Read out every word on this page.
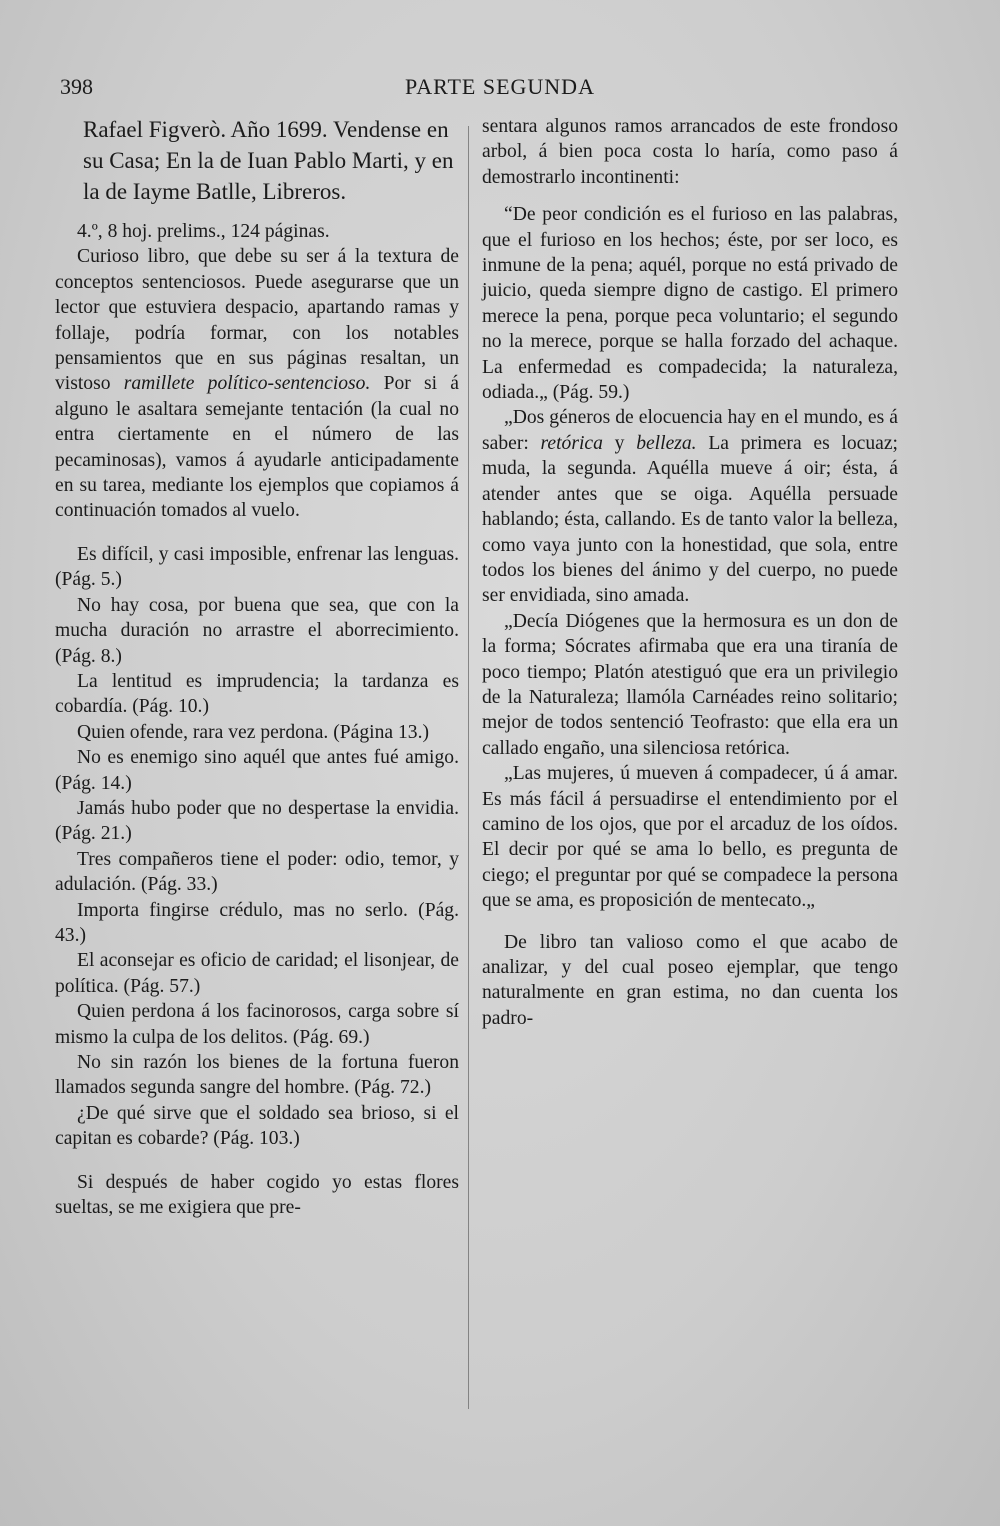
398	PARTE SEGUNDA

Rafael Figverò. Año 1699. Vendense en su Casa; En la de Iuan Pablo Marti, y en la de Iayme Batlle, Libreros.

4.º, 8 hoj. prelims., 124 páginas.

Curioso libro, que debe su ser á la textura de conceptos sentenciosos. Puede asegurarse que un lector que estuviera despacio, apartando ramas y follaje, podría formar, con los notables pensamientos que en sus páginas resaltan, un vistoso ramillete político-sentencioso. Por si á alguno le asaltara semejante tentación (la cual no entra ciertamente en el número de las pecaminosas), vamos á ayudarle anticipadamente en su tarea, mediante los ejemplos que copiamos á continuación tomados al vuelo.

Es difícil, y casi imposible, enfrenar las lenguas. (Pág. 5.)

No hay cosa, por buena que sea, que con la mucha duración no arrastre el aborrecimiento. (Pág. 8.)

La lentitud es imprudencia; la tardanza es cobardía. (Pág. 10.)

Quien ofende, rara vez perdona. (Página 13.)

No es enemigo sino aquél que antes fué amigo. (Pág. 14.)

Jamás hubo poder que no despertase la envidia. (Pág. 21.)

Tres compañeros tiene el poder: odio, temor, y adulación. (Pág. 33.)

Importa fingirse crédulo, mas no serlo. (Pág. 43.)

El aconsejar es oficio de caridad; el lisonjear, de política. (Pág. 57.)

Quien perdona á los facinorosos, carga sobre sí mismo la culpa de los delitos. (Pág. 69.)

No sin razón los bienes de la fortuna fueron llamados segunda sangre del hombre. (Pág. 72.)

¿De qué sirve que el soldado sea brioso, si el capitan es cobarde? (Pág. 103.)

Si después de haber cogido yo estas flores sueltas, se me exigiera que pre-

sentara algunos ramos arrancados de este frondoso arbol, á bien poca costa lo haría, como paso á demostrarlo incontinenti:

“De peor condición es el furioso en las palabras, que el furioso en los hechos; éste, por ser loco, es inmune de la pena; aquél, porque no está privado de juicio, queda siempre digno de castigo. El primero merece la pena, porque peca voluntario; el segundo no la merece, porque se halla forzado del achaque. La enfermedad es compadecida; la naturaleza, odiada.„ (Pág. 59.)

„Dos géneros de elocuencia hay en el mundo, es á saber: retórica y belleza. La primera es locuaz; muda, la segunda. Aquélla mueve á oir; ésta, á atender antes que se oiga. Aquélla persuade hablando; ésta, callando. Es de tanto valor la belleza, como vaya junto con la honestidad, que sola, entre todos los bienes del ánimo y del cuerpo, no puede ser envidiada, sino amada.

„Decía Diógenes que la hermosura es un don de la forma; Sócrates afirmaba que era una tiranía de poco tiempo; Platón atestiguó que era un privilegio de la Naturaleza; llamóla Carnéades reino solitario; mejor de todos sentenció Teofrasto: que ella era un callado engaño, una silenciosa retórica.

„Las mujeres, ú mueven á compadecer, ú á amar. Es más fácil á persuadirse el entendimiento por el camino de los ojos, que por el arcaduz de los oídos. El decir por qué se ama lo bello, es pregunta de ciego; el preguntar por qué se compadece la persona que se ama, es proposición de mentecato.„

De libro tan valioso como el que acabo de analizar, y del cual poseo ejemplar, que tengo naturalmente en gran estima, no dan cuenta los padro-
